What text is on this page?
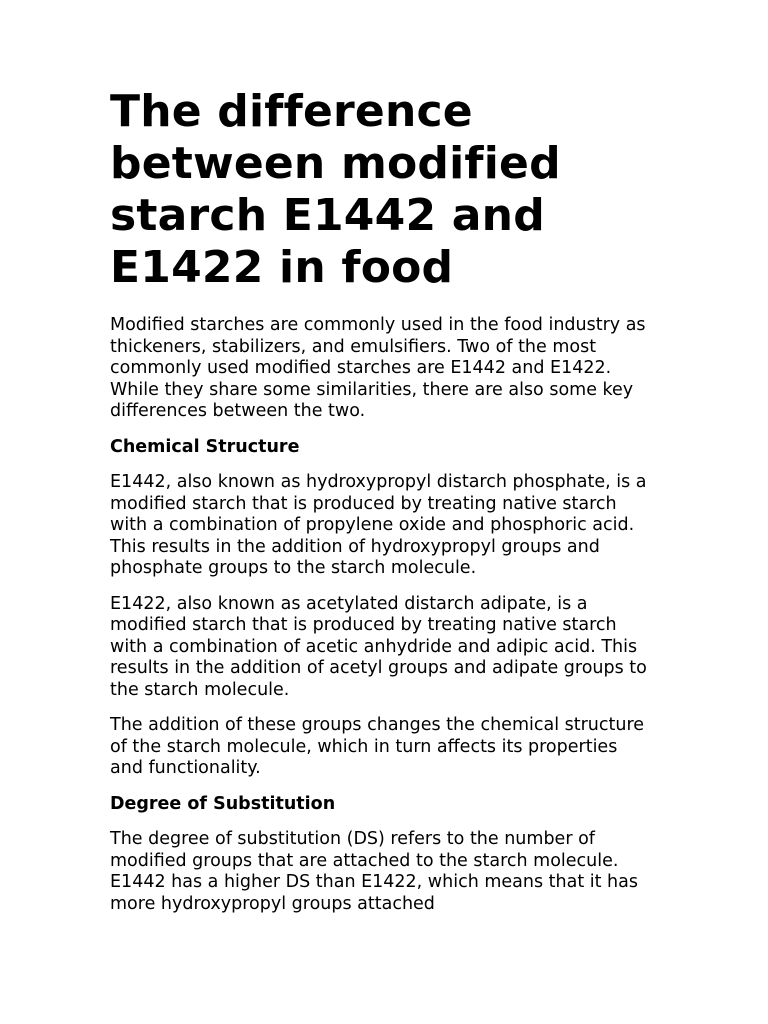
The difference between modified starch E1442 and E1422 in food

Modified starches are commonly used in the food industry as thickeners, stabilizers, and emulsifiers. Two of the most commonly used modified starches are E1442 and E1422. While they share some similarities, there are also some key differences between the two.

Chemical Structure

E1442, also known as hydroxypropyl distarch phosphate, is a modified starch that is produced by treating native starch with a combination of propylene oxide and phosphoric acid. This results in the addition of hydroxypropyl groups and phosphate groups to the starch molecule.

E1422, also known as acetylated distarch adipate, is a modified starch that is produced by treating native starch with a combination of acetic anhydride and adipic acid. This results in the addition of acetyl groups and adipate groups to the starch molecule.

The addition of these groups changes the chemical structure of the starch molecule, which in turn affects its properties and functionality.

Degree of Substitution

The degree of substitution (DS) refers to the number of modified groups that are attached to the starch molecule. E1442 has a higher DS than E1422, which means that it has more hydroxypropyl groups attached
